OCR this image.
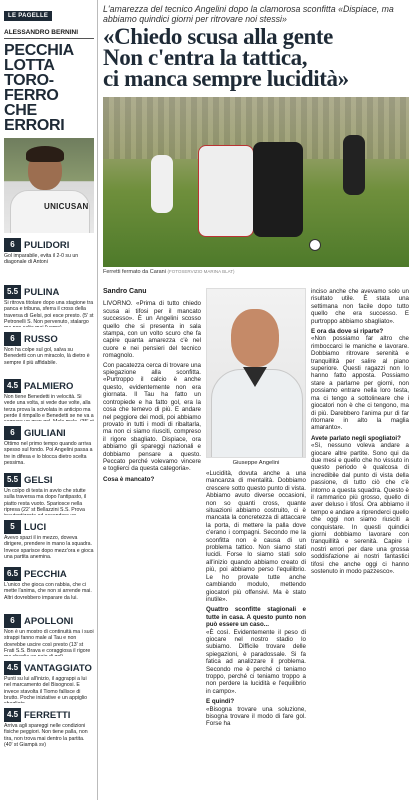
LE PAGELLE
ALESSANDRO BERNINI
PECCHIA LOTTA
TORO-FERRO
CHE ERRORI
UNICUSAN
6 PULIDORI
Gol imparabile, evita il 2-0 su un diagonale di Antoni
5.5 PULINA
Si ritrova titolare dopo una stagione tra panca e tribuna, sferra il cross della traversa di Gelsi, poi esce presto. (5' st Petronelli S. Non pervenuto, stalargo
6 RUSSO
Non ha colpe sul gol, salva su Benedetti con un miracolo, là dietro è sempre il più affidabile.
4.5 PALMIERO
Non tiene Benedetti in velocità. Si vede una volta, si vede due volte, alla terza prova la scivolata in anticipo ma perde il rimpallo e Benedetti se ne va a
6 GIULIANI
Ottimo nel primo tempo quando arriva spesso sul fondo. Poi Angelini passa a tre in difesa e lo blocca dietro scelta pessima.
5.5 GELSI
Un colpo di testa in avvio che stutte sulla traversa ma dopo l'antipasto, il piatto resta vuoto. Spariosce nella ripresa (22' st Bellazzini S.S. Prova
5 LUCI
Avevo spazi il in mezzo, doveva dirigere, prendere in mano la squadra. Invece sparisce dopo mezz'ora e gioca una partita anemina.
6.5 PECCHIA
L'unico che gioca con rabbia, che ci mette l'anima, che non si arrende mai. Altri dovrebbero imparare da lui.
6 APOLLONI
Non è un mostro di continuità ma i suoi strappi fanno male al Tau e non dovrebbe uscire così presto (13' st Frati S.S. Brava e coraggiosa il rigore
4.5 VANTAGGIATO
Punti su lui all'inizio, il aggrappi a lui nel marcamento del Bisognosi. E invece stavolta il Tiomo fallisce di brutto. Poche iniziative e un appiglio
4.5 FERRETTI
Arriva agli spareggi nelle condizioni fisiche peggiori. Non tiene palla, non tira, non trova mai dentro la partita. (40' st Giampà sv)
L'amarezza del tecnico Angelini dopo la clamorosa sconfitta «Dispiace, ma abbiamo quindici giorni per ritrovare noi stessi»
«Chiedo scusa alla gente
Non c'entra la tattica,
ci manca sempre lucidità»
Ferretti fermato da Carani (FOTOSERVIZIO MARINA BLAT)
Sandro Canu

LIVORNO. «Prima di tutto chiedo scusa ai tifosi per il mancato successo». È un Angelini scosso quello che si presenta in sala stampa, con un volto scuro che fa capire quanta amarezza c'è nel cuore e nei pensieri del tecnico romagnolo.

Con pacatezza cerca di trovare una spiegazione alla sconfitta. «Purtroppo il calcio è anche questo, evidentemente non era giornata. Il Tau ha fatto un contropiede e ha fatto gol, era la cosa che temevo di più. E andare nel peggiore dei modi, poi abbiamo provato in tutti i modi di ribaltarla, ma non ci siamo riusciti, compreso il rigore sbagliato. Dispiace, ora abbiamo gli spareggi nazionali e dobbiamo pensare a questo. Peccato perché volevamo vincere e toglierci da questa categoria».

Cosa è mancato?

Giuseppe Angelini

«Lucidità, dovuta anche a una mancanza di mentalità. Dobbiamo crescere sotto questo punto di vista. Abbiamo avuto diverse occasioni, non so quanti cross, quante situazioni abbiamo costruito, ci è mancata la concretezza di attaccare la porta, di mettere la palla dove c'erano i compagni. Secondo me la sconfitta non è causa di un problema tattico. Non siamo stati lucidi. Forse lo siamo stati solo all'inizio quando abbiamo creato di più, poi abbiamo perso l'equilibrio. Le ho provate tutte anche cambiando modulo, mettendo giocatori più offensivi. Ma è stato inutile».

Quattro sconfitte stagionali e tutte in casa. A questo punto non può essere un caso...

«È così. Evidentemente il peso di giocare nel nostro stadio lo subiamo. Difficile trovare delle spiegazioni, è paradossale. Si fa fatica ad analizzare il problema. Secondo me è perché ci teniamo troppo, perché ci teniamo troppo a non perdere la lucidità e l'equilibrio in campo».

E quindi?

«Bisogna trovare una soluzione, bisogna trovare il modo di fare gol. Forse ha

inciso anche che avevamo solo un risultato utile. È stata una settimana non facile dopo tutto quello che era successo. E purtroppo abbiamo sbagliato».

E ora da dove si riparte?

«Non possiamo far altro che rimboccarci le maniche e lavorare. Dobbiamo ritrovare serenità e tranquillità per salire al piano superiore. Questi ragazzi non lo hanno fatto apposta. Possiamo stare a parlarne per giorni, non possiamo entrare nella loro testa, ma ci tengo a sottolineare che i giocatori non è che ci tengono, ma di più. Darebbero l'anima pur di far ritornare in alto la maglia amaranto».

Avete parlato negli spogliatoi?

«Sì, nessuno voleva andare a giocare altre partite. Sono qui da due mesi e quello che ho vissuto in questo periodo è qualcosa di incredibile dal punto di vista della passione, di tutto ciò che c'è intorno a questa squadra. Questo è il rammarico più grosso, quello di aver deluso i tifosi. Ora abbiamo il tempo e andare a riprenderci quello che oggi non siamo riusciti a conquistare. In questi quindici giorni dobbiamo lavorare con tranquillità e serenità. Capire i nostri errori per dare una grossa soddisfazione ai nostri fantastici tifosi che anche oggi ci hanno sostenuto in modo pazzesco».
